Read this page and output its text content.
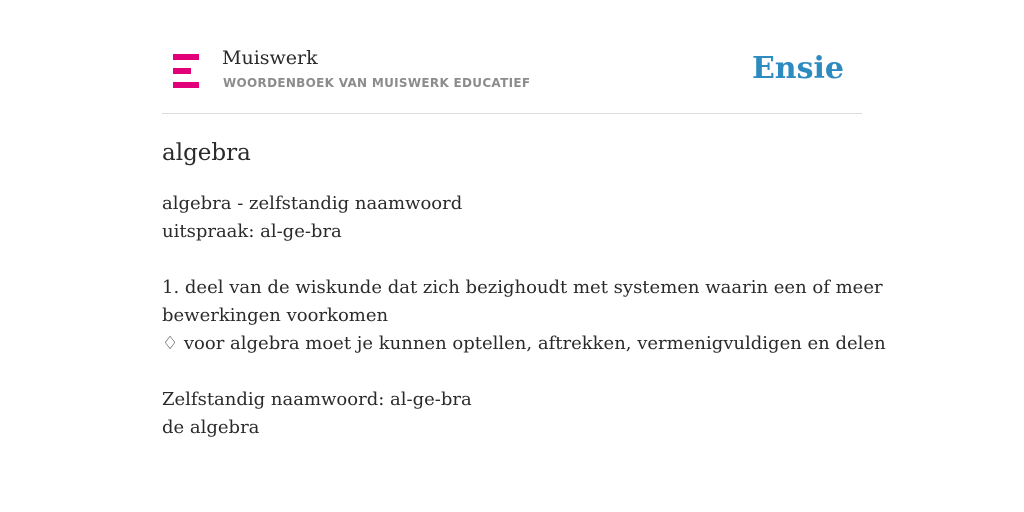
Muiswerk
WOORDENBOEK VAN MUISWERK EDUCATIEF	Ensie
algebra
algebra - zelfstandig naamwoord
uitspraak: al-ge-bra
1. deel van de wiskunde dat zich bezighoudt met systemen waarin een of meer
bewerkingen voorkomen
♢ voor algebra moet je kunnen optellen, aftrekken, vermenigvuldigen en delen
Zelfstandig naamwoord: al-ge-bra
de algebra
